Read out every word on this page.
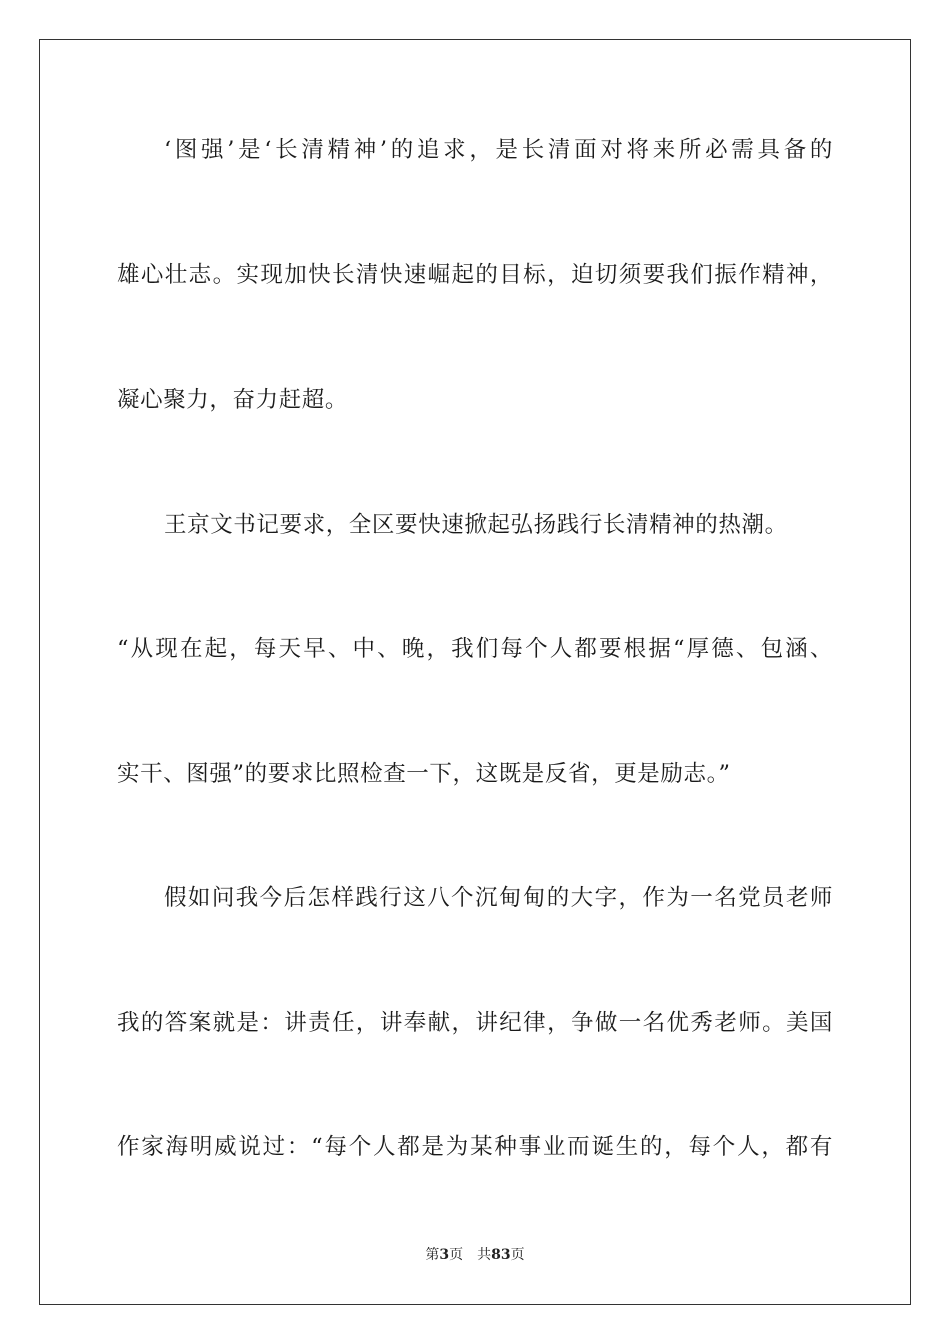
‘图强’是‘长清精神’的追求，是长清面对将来所必需具备的
雄心壮志。实现加快长清快速崛起的目标，迫切须要我们振作精神，
凝心聚力，奋力赶超。
王京文书记要求，全区要快速掀起弘扬践行长清精神的热潮。
“从现在起，每天早、中、晚，我们每个人都要根据“厚德、包涵、
实干、图强”的要求比照检查一下，这既是反省，更是励志。”
假如问我今后怎样践行这八个沉甸甸的大字，作为一名党员老师
我的答案就是：讲责任，讲奉献，讲纪律，争做一名优秀老师。美国
作家海明威说过：“每个人都是为某种事业而诞生的，每个人，都有
第3页 共83页
